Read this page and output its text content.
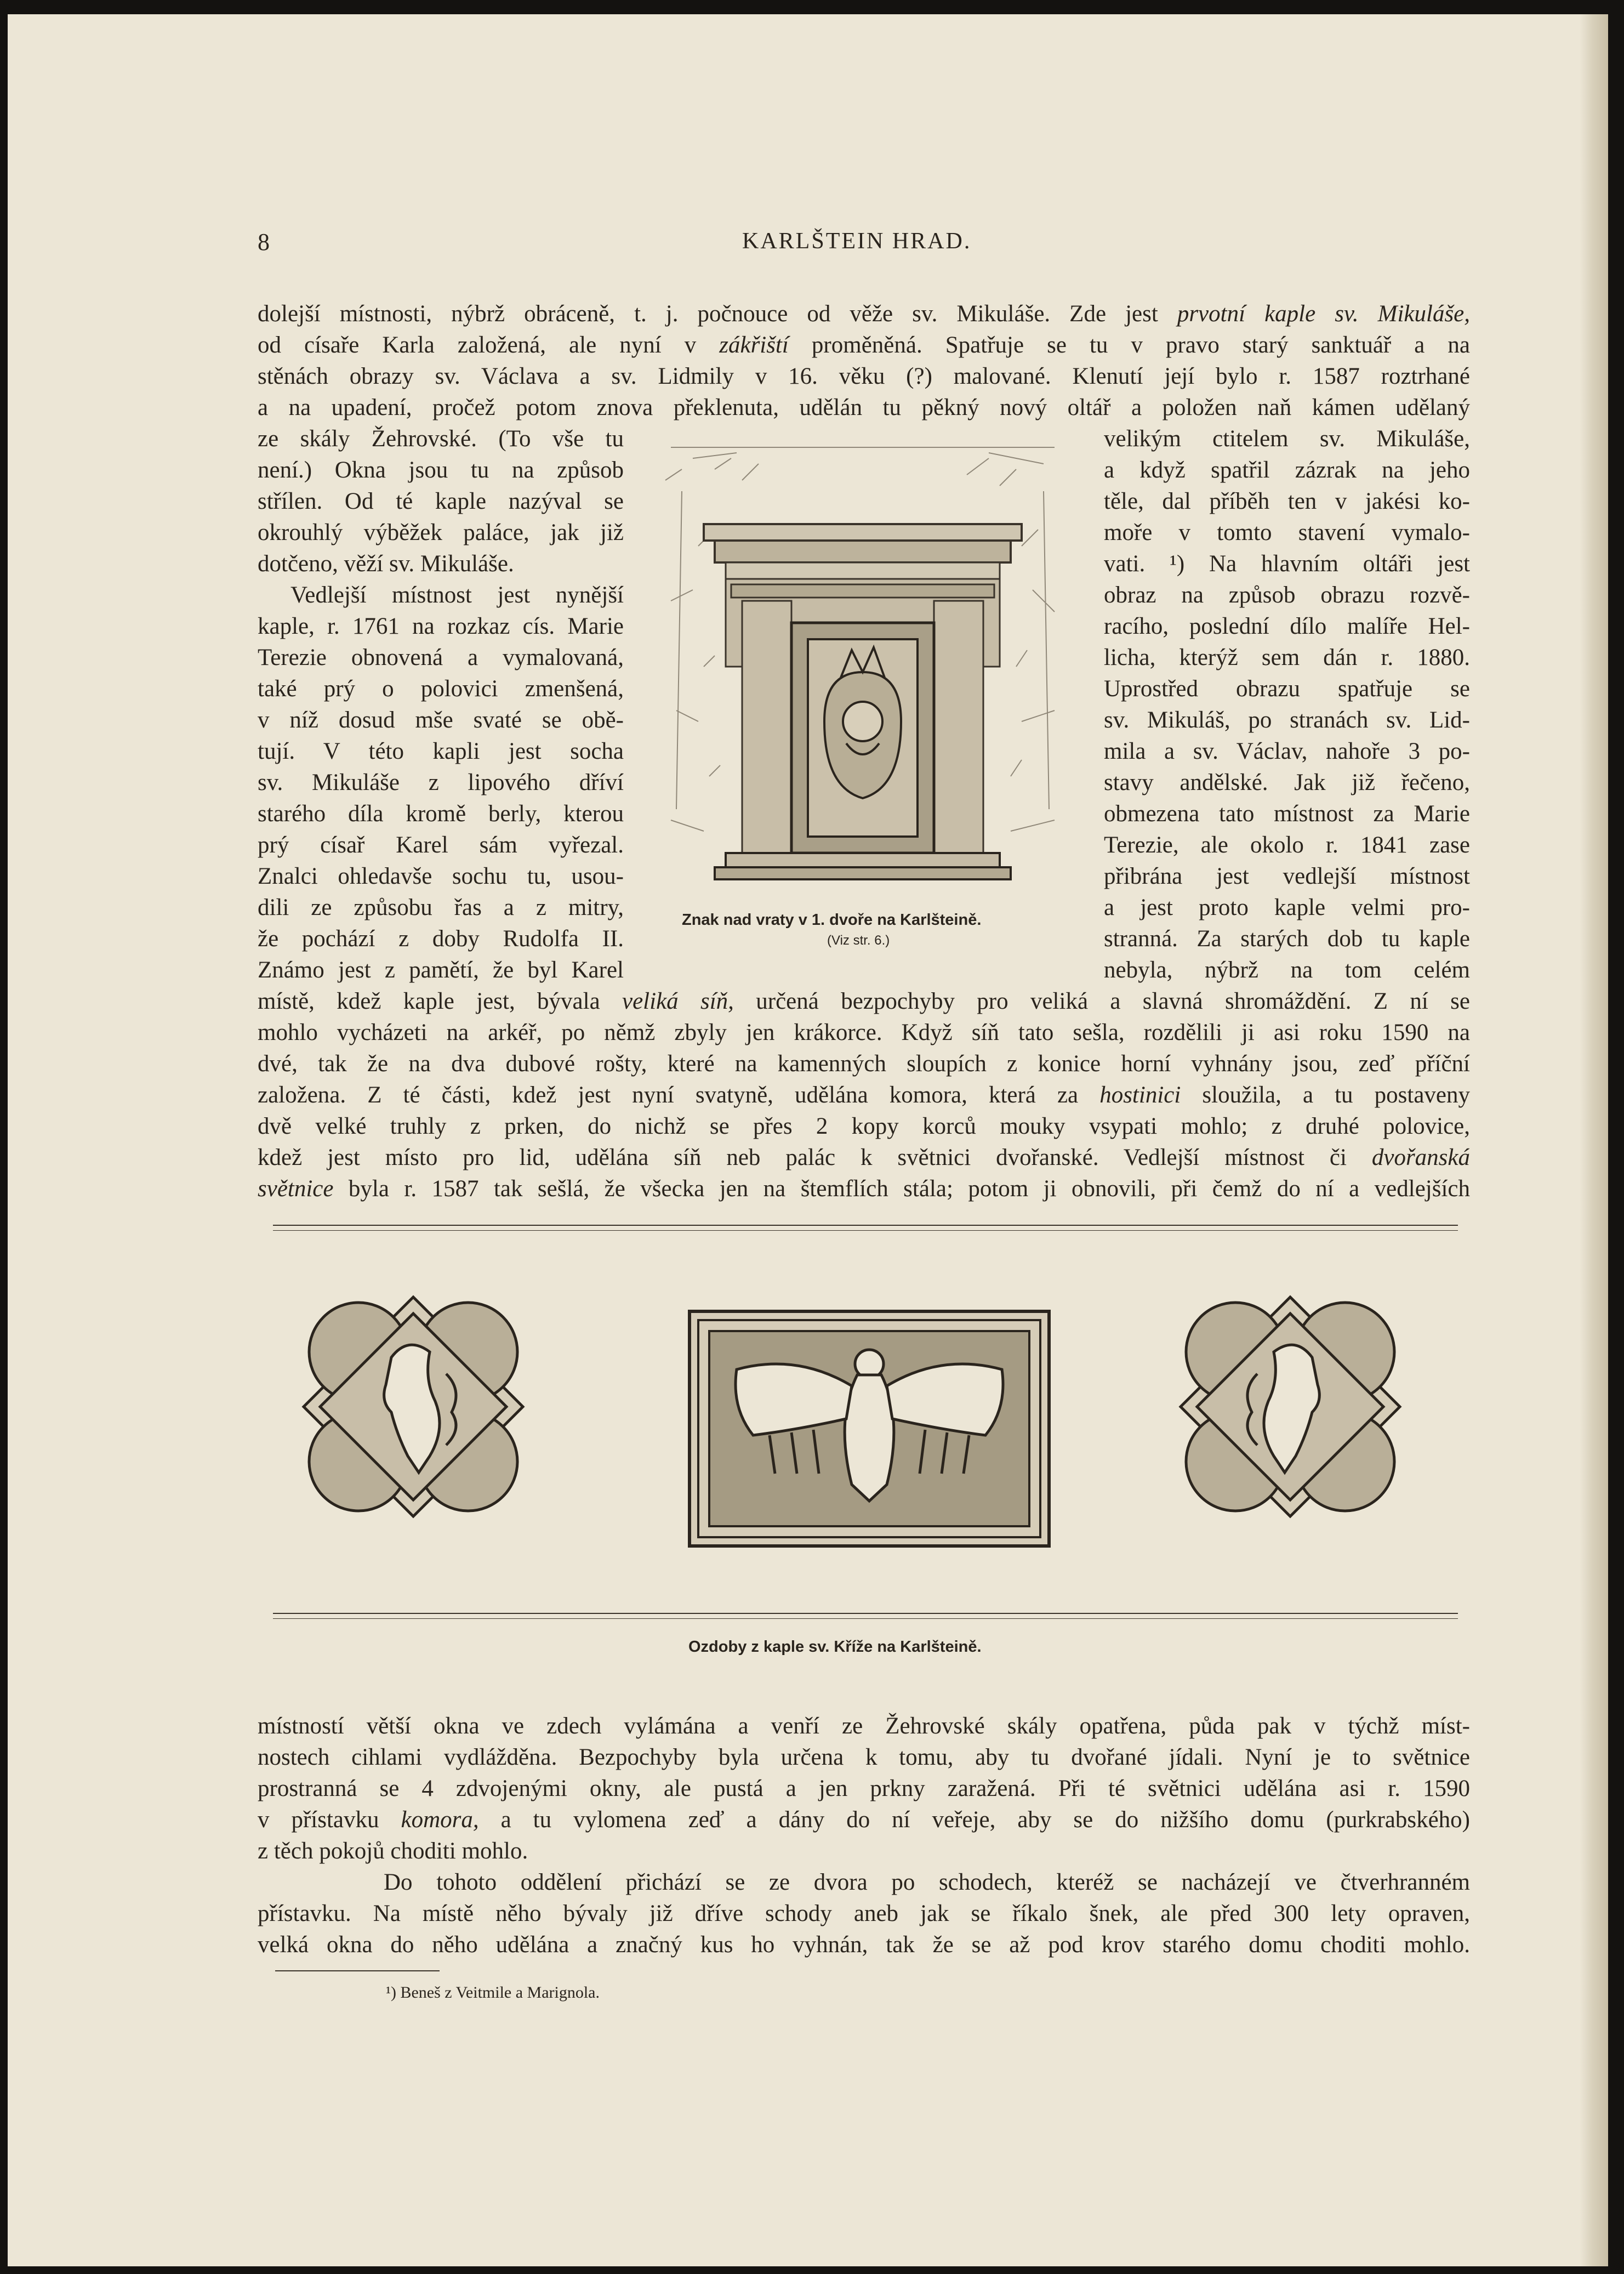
8	KARLŠTEIN HRAD.
dolejší místnosti, nýbrž obráceně, t. j. počnouce od věže sv. Mikuláše. Zde jest prvotní kaple sv. Mikuláše,
od císaře Karla založená, ale nyní v zákřiští proměněná. Spatřuje se tu v pravo starý sanktuář a na
stěnách obrazy sv. Václava a sv. Lidmily v 16. věku (?) malované. Klenutí její bylo r. 1587 roztrhané
a na upadení, pročež potom znova překlenuta, udělán tu pěkný nový oltář a položen naň kámen udělaný
ze skály Žehrovské. (To vše tu
není.) Okna jsou tu na způsob
střílen. Od té kaple nazýval se
okrouhlý výběžek paláce, jak již
dotčeno, věží sv. Mikuláše.
Vedlejší místnost jest nynější
kaple, r. 1761 na rozkaz cís. Marie
Terezie obnovená a vymalovaná,
také prý o polovici zmenšená,
v níž dosud mše svaté se obě-
tují. V této kapli jest socha
sv. Mikuláše z lipového dříví
starého díla kromě berly, kterou
prý císař Karel sám vyřezal.
Znalci ohledavše sochu tu, usou-
dili ze způsobu řas a z mitry,
že pochází z doby Rudolfa II.
Známo jest z pamětí, že byl Karel
velikým ctitelem sv. Mikuláše,
a když spatřil zázrak na jeho
těle, dal příběh ten v jakési ko-
moře v tomto stavení vymalo-
vati. ¹) Na hlavním oltáři jest
obraz na způsob obrazu rozvě-
racího, poslední dílo malíře Hel-
licha, kterýž sem dán r. 1880.
Uprostřed obrazu spatřuje se
sv. Mikuláš, po stranách sv. Lid-
mila a sv. Václav, nahoře 3 po-
stavy andělské. Jak již řečeno,
obmezena tato místnost za Marie
Terezie, ale okolo r. 1841 zase
přibrána jest vedlejší místnost
a jest proto kaple velmi pro-
stranná. Za starých dob tu kaple
nebyla, nýbrž na tom celém
Znak nad vraty v 1. dvoře na Karlšteině.
(Viz str. 6.)
místě, kdež kaple jest, bývala veliká síň, určená bezpochyby pro veliká a slavná shromáždění. Z ní se
mohlo vycházeti na arkéř, po němž zbyly jen krákorce. Když síň tato sešla, rozdělili ji asi roku 1590 na
dvé, tak že na dva dubové rošty, které na kamenných sloupích z konice horní vyhnány jsou, zeď příční
založena. Z té části, kdež jest nyní svatyně, udělána komora, která za hostinici sloužila, a tu postaveny
dvě velké truhly z prken, do nichž se přes 2 kopy korců mouky vsypati mohlo; z druhé polovice,
kdež jest místo pro lid, udělána síň neb palác k světnici dvořanské. Vedlejší místnost či dvořanská
světnice byla r. 1587 tak sešlá, že všecka jen na štemflích stála; potom ji obnovili, při čemž do ní a vedlejších
Ozdoby z kaple sv. Kříže na Karlšteině.
místností větší okna ve zdech vylámána a venří ze Žehrovské skály opatřena, půda pak v týchž míst-
nostech cihlami vydlážděna. Bezpochyby byla určena k tomu, aby tu dvořané jídali. Nyní je to světnice
prostranná se 4 zdvojenými okny, ale pustá a jen prkny zaražená. Při té světnici udělána asi r. 1590
v přístavku komora, a tu vylomena zeď a dány do ní veřeje, aby se do nižšího domu (purkrabského)
z těch pokojů choditi mohlo.
Do tohoto oddělení přichází se ze dvora po schodech, kteréž se nacházejí ve čtverhranném
přístavku. Na místě něho bývaly již dříve schody aneb jak se říkalo šnek, ale před 300 lety opraven,
velká okna do něho udělána a značný kus ho vyhnán, tak že se až pod krov starého domu choditi mohlo.
¹) Beneš z Veitmile a Marignola.
